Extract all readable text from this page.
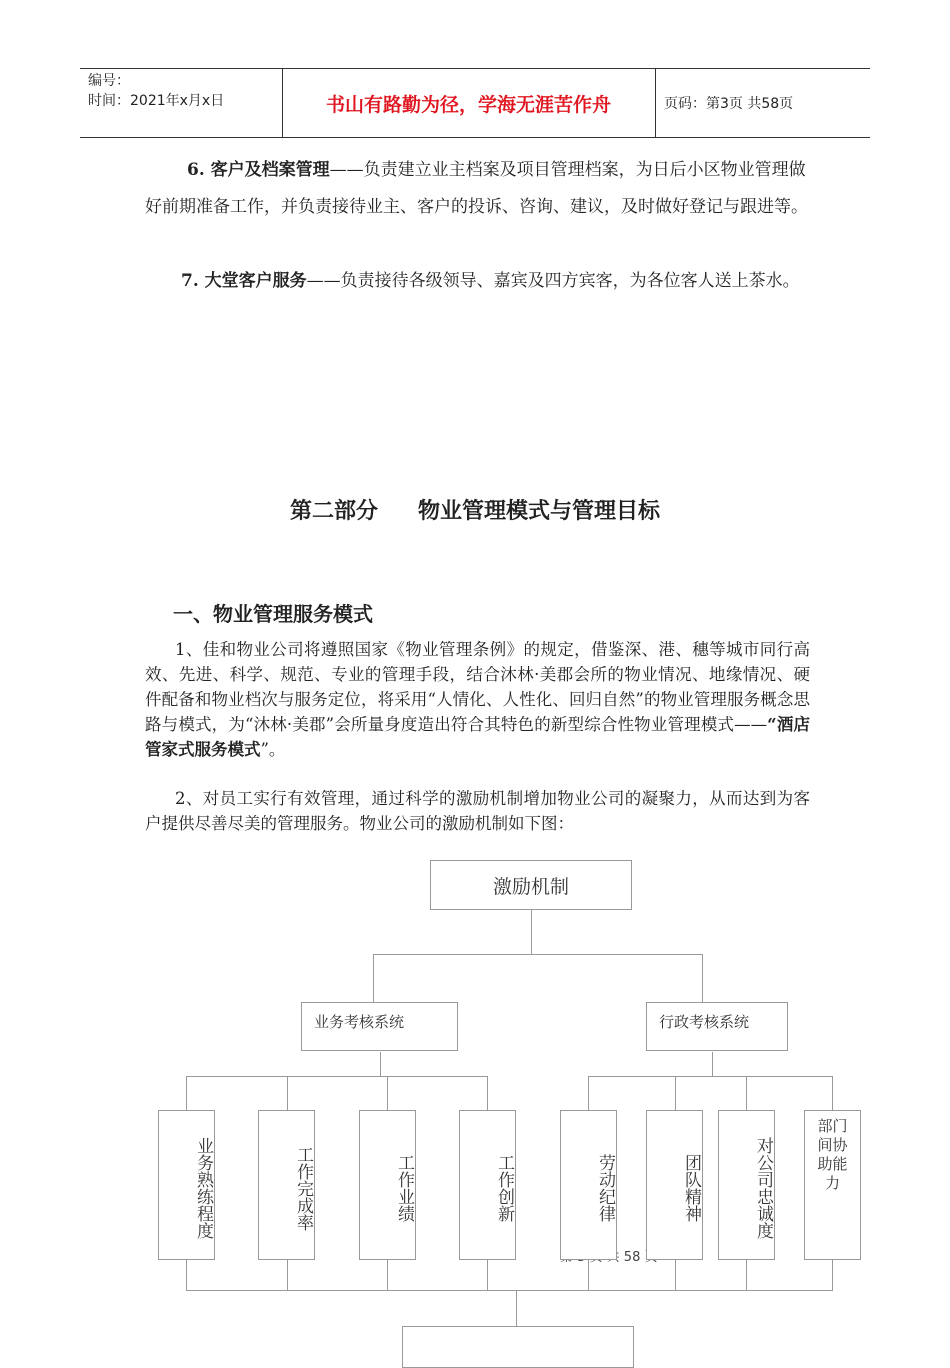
编号：
时间：2021年x月x日	书山有路勤为径，学海无涯苦作舟	页码：第3页 共58页
6. 客户及档案管理——负责建立业主档案及项目管理档案，为日后小区物业管理做好前期准备工作，并负责接待业主、客户的投诉、咨询、建议，及时做好登记与跟进等。
7. 大堂客户服务——负责接待各级领导、嘉宾及四方宾客，为各位客人送上茶水。
第二部分 物业管理模式与管理目标
一、物业管理服务模式
1、佳和物业公司将遵照国家《物业管理条例》的规定，借鉴深、港、穗等城市同行高效、先进、科学、规范、专业的管理手段，结合沐林·美郡会所的物业情况、地缘情况、硬件配备和物业档次与服务定位，将采用“人情化、人性化、回归自然”的物业管理服务概念思路与模式，为“沐林·美郡”会所量身度造出符合其特色的新型综合性物业管理模式——“酒店管家式服务模式”。
2、对员工实行有效管理，通过科学的激励机制增加物业公司的凝聚力，从而达到为客户提供尽善尽美的管理服务。物业公司的激励机制如下图：
激励机制
业务考核系统	行政考核系统
业务熟练程度	工作完成率	工作业绩	工作创新
58
劳动纪律	团队精神	对公司忠诚度
部门间协助能力
